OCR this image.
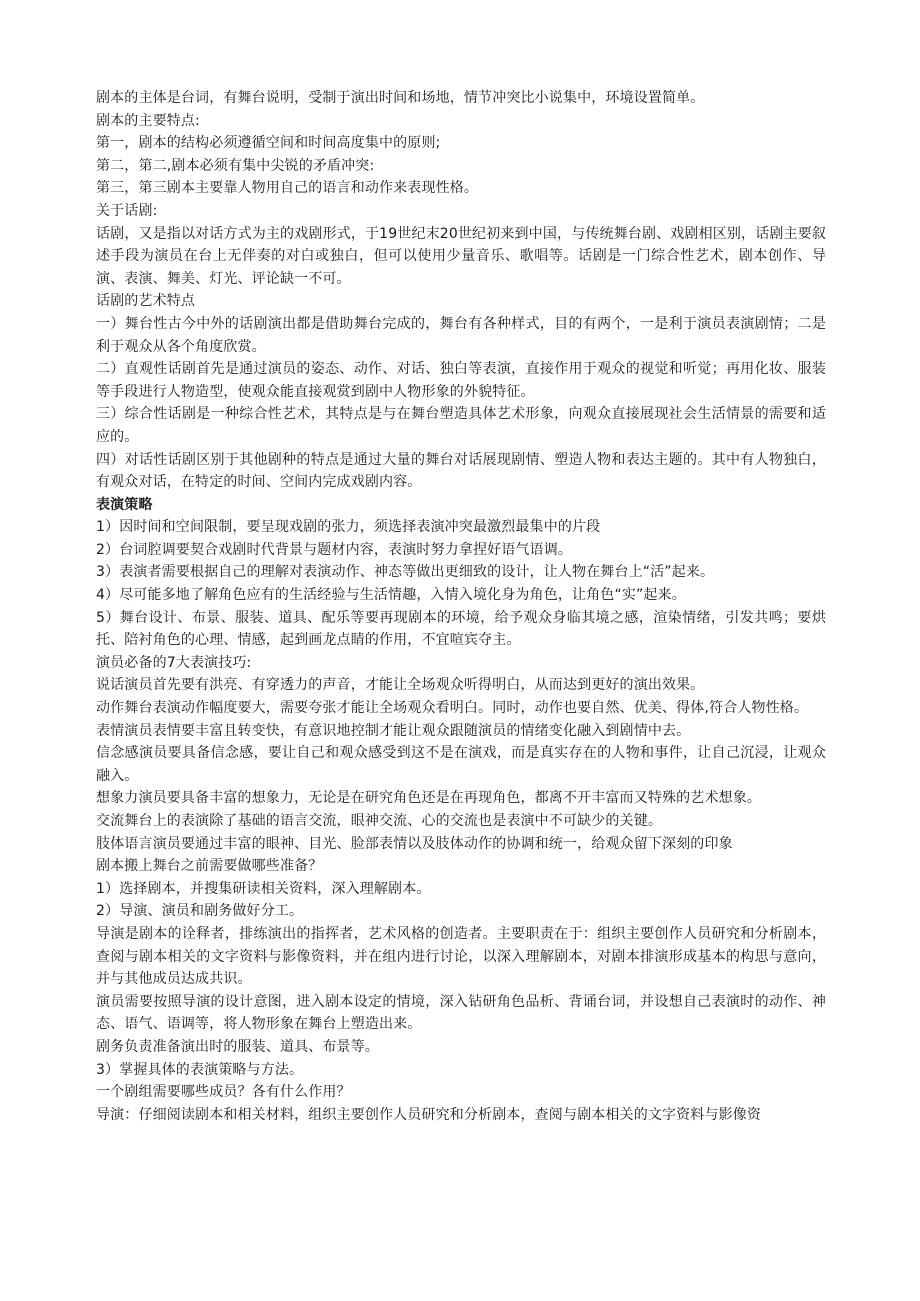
剧本的主体是台词，有舞台说明，受制于演出时间和场地，情节冲突比小说集中，环境设置简单。

剧本的主要特点:

第一，剧本的结构必须遵循空间和时间高度集中的原则;

第二，第二,剧本必须有集中尖锐的矛盾冲突:

第三，第三剧本主要靠人物用自己的语言和动作来表现性格。

关于话剧:

话剧，又是指以对话方式为主的戏剧形式，于19世纪末20世纪初来到中国，与传统舞台剧、戏剧相区别，话剧主要叙述手段为演员在台上无伴奏的对白或独白，但可以使用少量音乐、歌唱等。话剧是一门综合性艺术，剧本创作、导演、表演、舞美、灯光、评论缺一不可。

话剧的艺术特点

一）舞台性古今中外的话剧演出都是借助舞台完成的，舞台有各种样式，目的有两个，一是利于演员表演剧情；二是利于观众从各个角度欣赏。

二）直观性话剧首先是通过演员的姿态、动作、对话、独白等表演，直接作用于观众的视觉和听觉；再用化妆、服装等手段进行人物造型，使观众能直接观赏到剧中人物形象的外貌特征。

三）综合性话剧是一种综合性艺术，其特点是与在舞台塑造具体艺术形象，向观众直接展现社会生活情景的需要和适应的。

四）对话性话剧区别于其他剧种的特点是通过大量的舞台对话展现剧情、塑造人物和表达主题的。其中有人物独白，有观众对话，在特定的时间、空间内完成戏剧内容。

表演策略

1）因时间和空间限制，要呈现戏剧的张力，须选择表演冲突最激烈最集中的片段

2）台词腔调要契合戏剧时代背景与题材内容，表演时努力拿捏好语气语调。

3）表演者需要根据自己的理解对表演动作、神态等做出更细致的设计，让人物在舞台上“活”起来。

4）尽可能多地了解角色应有的生活经验与生活情趣，入情入境化身为角色，让角色“实”起来。

5）舞台设计、布景、服装、道具、配乐等要再现剧本的环境，给予观众身临其境之感，渲染情绪，引发共鸣；要烘托、陪衬角色的心理、情感，起到画龙点睛的作用，不宜喧宾夺主。

演员必备的7大表演技巧:

说话演员首先要有洪亮、有穿透力的声音，才能让全场观众听得明白，从而达到更好的演出效果。

动作舞台表演动作幅度要大，需要夸张才能让全场观众看明白。同时，动作也要自然、优美、得体,符合人物性格。

表情演员表情要丰富且转变快，有意识地控制才能让观众跟随演员的情绪变化融入到剧情中去。

信念感演员要具备信念感，要让自己和观众感受到这不是在演戏，而是真实存在的人物和事件，让自己沉浸，让观众融入。

想象力演员要具备丰富的想象力，无论是在研究角色还是在再现角色，都离不开丰富而又特殊的艺术想象。

交流舞台上的表演除了基础的语言交流，眼神交流、心的交流也是表演中不可缺少的关键。

肢体语言演员要通过丰富的眼神、目光、脸部表情以及肢体动作的协调和统一，给观众留下深刻的印象

剧本搬上舞台之前需要做哪些准备？

1）选择剧本，并搜集研读相关资料，深入理解剧本。

2）导演、演员和剧务做好分工。

导演是剧本的诠释者，排练演出的指挥者，艺术风格的创造者。主要职责在于：组织主要创作人员研究和分析剧本，查阅与剧本相关的文字资料与影像资料，并在组内进行讨论，以深入理解剧本，对剧本排演形成基本的构思与意向，并与其他成员达成共识。

演员需要按照导演的设计意图，进入剧本设定的情境，深入钻研角色品析、背诵台词，并设想自己表演时的动作、神态、语气、语调等，将人物形象在舞台上塑造出来。

剧务负责准备演出时的服装、道具、布景等。

3）掌握具体的表演策略与方法。

一个剧组需要哪些成员？各有什么作用？

导演：仔细阅读剧本和相关材料，组织主要创作人员研究和分析剧本，查阅与剧本相关的文字资料与影像资
